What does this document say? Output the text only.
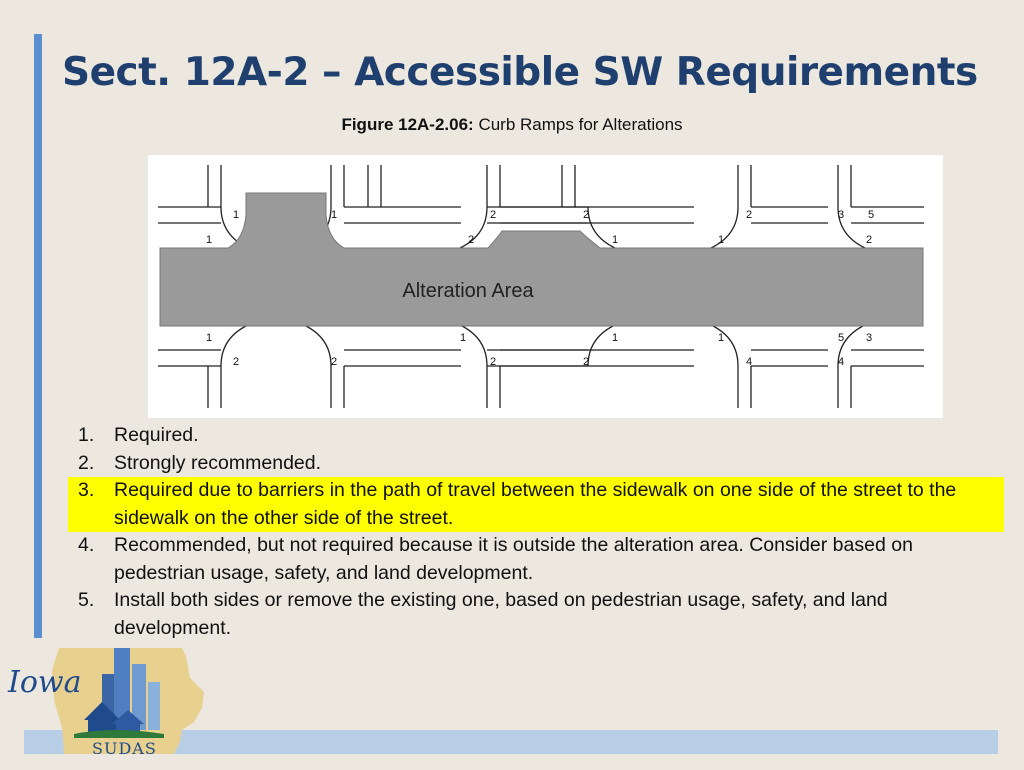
Sect. 12A-2 – Accessible SW Requirements
Figure 12A-2.06: Curb Ramps for Alterations
Alteration Area
1
1
1	2	2
1
2
1
3
2
2
5
1
2	2
1	1
2	2
1	3
4
5
4
1. Required.
2. Strongly recommended.
3. Required due to barriers in the path of travel between the sidewalk on one side of the street to the sidewalk on the other side of the street.
4. Recommended, but not required because it is outside the alteration area. Consider based on pedestrian usage, safety, and land development.
5. Install both sides or remove the existing one, based on pedestrian usage, safety, and land development.
Iowa
SUDAS
